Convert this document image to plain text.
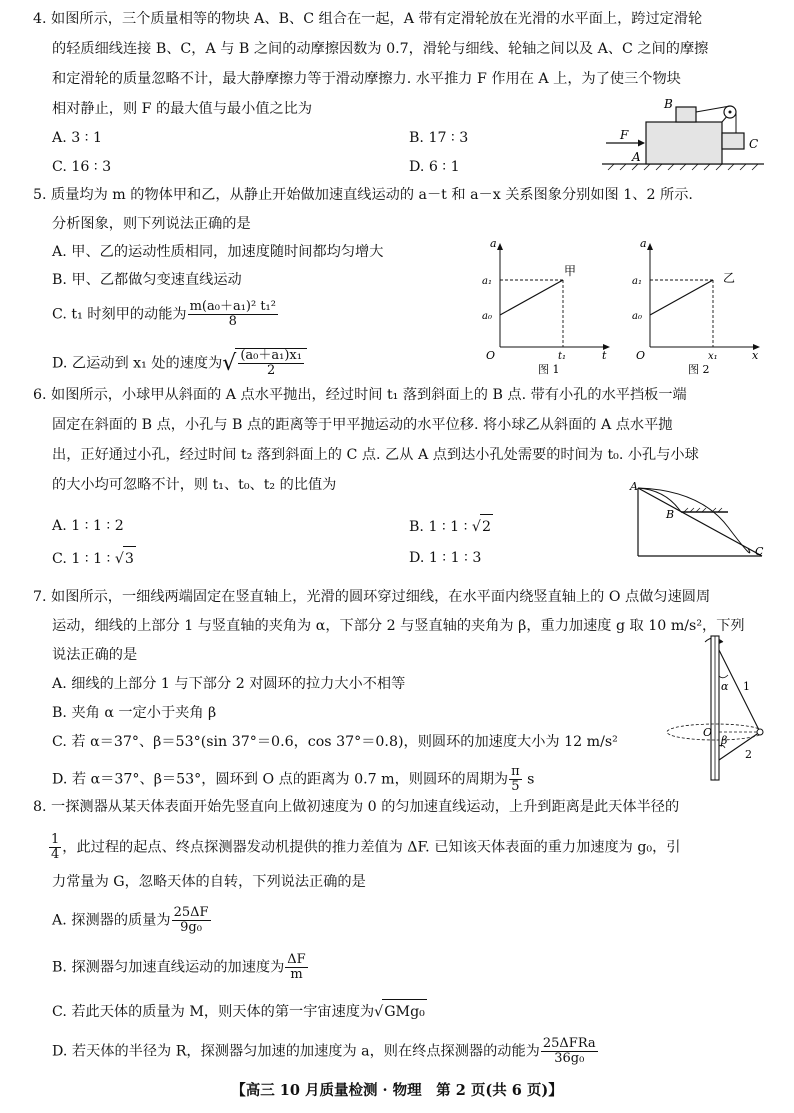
4. 如图所示，三个质量相等的物块 A、B、C 组合在一起，A 带有定滑轮放在光滑的水平面上，跨过定滑轮
的轻质细线连接 B、C，A 与 B 之间的动摩擦因数为 0.7，滑轮与细线、轮轴之间以及 A、C 之间的摩擦
和定滑轮的质量忽略不计，最大静摩擦力等于滑动摩擦力. 水平推力 F 作用在 A 上，为了使三个物块
相对静止，则 F 的最大值与最小值之比为
A. 3 ∶ 1	B. 17 ∶ 3
C. 16 ∶ 3	D. 6 ∶ 1
F
A
B
C
5. 质量均为 m 的物体甲和乙，从静止开始做加速直线运动的 a－t 和 a－x 关系图象分别如图 1、2 所示.
分析图象，则下列说法正确的是
A. 甲、乙的运动性质相同，加速度随时间都均匀增大
B. 甲、乙都做匀变速直线运动
C. t₁ 时刻甲的动能为 $\frac{\text{m(a₀＋a₁)² t₁²}}{8}$
D. 乙运动到 x₁ 处的速度为√ $\frac{\text{(a₀＋a₁)x₁}}{2}$
a
a₁
a₀
O	t₁	t
甲
图 1
a
a₁
a₀
O	x₁	x
乙
图 2
6. 如图所示，小球甲从斜面的 A 点水平抛出，经过时间 t₁ 落到斜面上的 B 点. 带有小孔的水平挡板一端
固定在斜面的 B 点，小孔与 B 点的距离等于甲平抛运动的水平位移. 将小球乙从斜面的 A 点水平抛
出，正好通过小孔，经过时间 t₂ 落到斜面上的 C 点. 乙从 A 点到达小孔处需要的时间为 t₀. 小孔与小球
的大小均可忽略不计，则 t₁、t₀、t₂ 的比值为
A. 1 ∶ 1 ∶ 2	B. 1 ∶ 1 ∶ √2
C. 1 ∶ 1 ∶ √3	D. 1 ∶ 1 ∶ 3
A
B
C
7. 如图所示，一细线两端固定在竖直轴上，光滑的圆环穿过细线，在水平面内绕竖直轴上的 O 点做匀速圆周
运动，细线的上部分 1 与竖直轴的夹角为 α，下部分 2 与竖直轴的夹角为 β，重力加速度 g 取 10 m/s²，下列
说法正确的是
A. 细线的上部分 1 与下部分 2 对圆环的拉力大小不相等
B. 夹角 α 一定小于夹角 β
C. 若 α＝37°、β＝53°(sin 37°＝0.6，cos 37°＝0.8)，则圆环的加速度大小为 12 m/s²
D. 若 α＝37°、β＝53°，圆环到 O 点的距离为 0.7 m，则圆环的周期为 $\frac{\pi}{5}$ s
α
β
1
2
O
8. 一探测器从某天体表面开始先竖直向上做初速度为 0 的匀加速直线运动，上升到距离是此天体半径的
$\frac{1}{4}$ ，此过程的起点、终点探测器发动机提供的推力差值为 ΔF. 已知该天体表面的重力加速度为 g₀，引
力常量为 G，忽略天体的自转，下列说法正确的是
A. 探测器的质量为 $\frac{25\Delta F}{\text{9g₀}}$
B. 探测器匀加速直线运动的加速度为 $\frac{\Delta F}{m}$
C. 若此天体的质量为 M，则天体的第一宇宙速度为√GMg₀
D. 若天体的半径为 R，探测器匀加速的加速度为 a，则在终点探测器的动能为 $\frac{\text{25ΔFRa}}{\text{36g₀}}$
【高三 10 月质量检测 · 物理　第 2 页(共 6 页)】
